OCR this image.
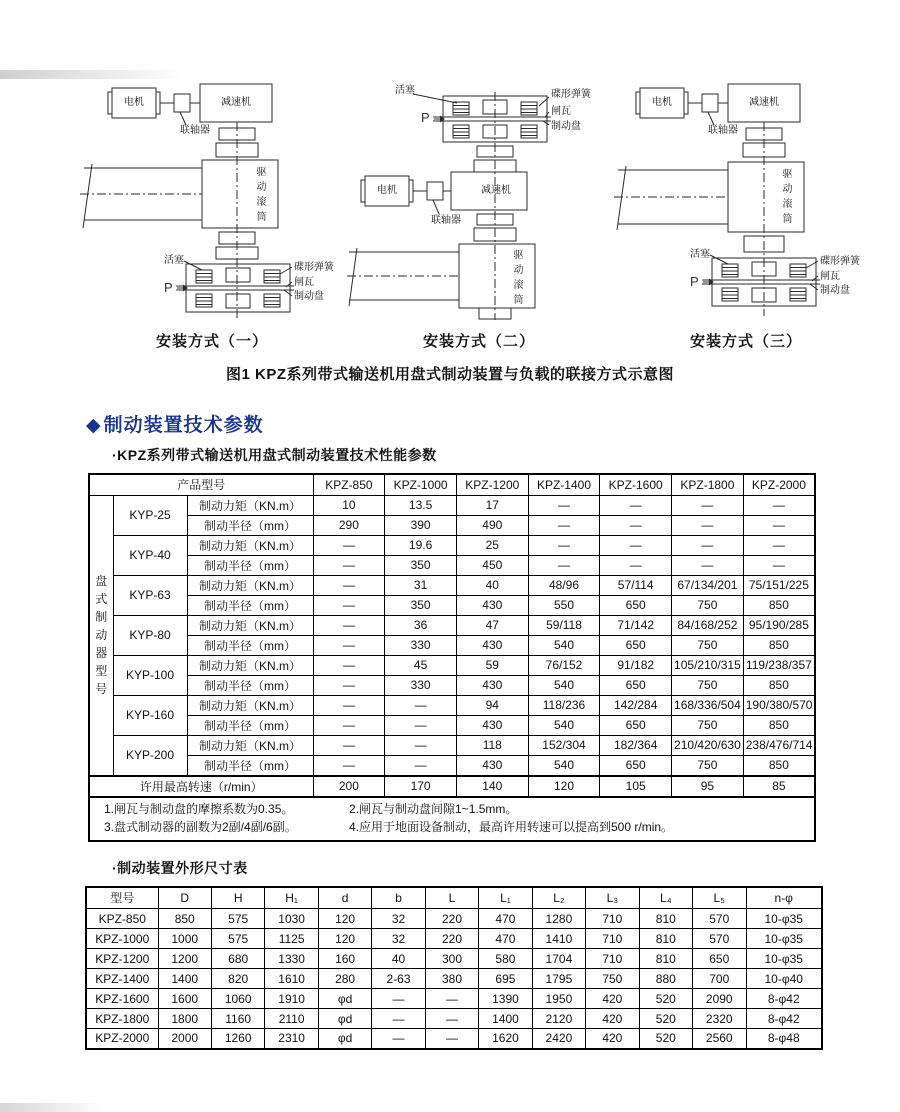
电机	减速机
联轴器
驱动滚筒
活塞
P
碟形弹簧
闸瓦
制动盘
安装方式（一）
活塞
P
碟形弹簧
闸瓦
制动盘
电机
联轴器
减速机
驱动滚筒
安装方式（二）
电机	减速机
联轴器
驱动滚筒
活塞
P
碟形弹簧
闸瓦
制动盘
安装方式（三）
图1 KPZ系列带式输送机用盘式制动装置与负载的联接方式示意图
◆ 制动装置技术参数
·KPZ系列带式输送机用盘式制动装置技术性能参数
产品型号			KPZ-850	KPZ-1000	KPZ-1200	KPZ-1400	KPZ-1600	KPZ-1800	KPZ-2000
盘式制动器型号	KYP-25	制动力矩（KN.m）	10	13.5	17	—	—	—	—
		制动半径（mm）	290	390	490	—	—	—	—
	KYP-40	制动力矩（KN.m）	—	19.6	25	—	—	—	—
		制动半径（mm）	—	350	450	—	—	—	—
	KYP-63	制动力矩（KN.m）	—	31	40	48/96	57/114	67/134/201	75/151/225
		制动半径（mm）	—	350	430	550	650	750	850
	KYP-80	制动力矩（KN.m）	—	36	47	59/118	71/142	84/168/252	95/190/285
		制动半径（mm）	—	330	430	540	650	750	850
	KYP-100	制动力矩（KN.m）	—	45	59	76/152	91/182	105/210/315	119/238/357
		制动半径（mm）	—	330	430	540	650	750	850
	KYP-160	制动力矩（KN.m）	—	—	94	118/236	142/284	168/336/504	190/380/570
		制动半径（mm）	—	—	430	540	650	750	850
	KYP-200	制动力矩（KN.m）	—	—	118	152/304	182/364	210/420/630	238/476/714
		制动半径（mm）	—	—	430	540	650	750	850
许用最高转速（r/min）			200	170	140	120	105	95	85

1.闸瓦与制动盘的摩擦系数为0.35。 2.闸瓦与制动盘间隙1~1.5mm。
3.盘式制动器的副数为2副/4副/6副。 4.应用于地面设备制动，最高许用转速可以提高到500 r/min。									
·制动装置外形尺寸表
型号	D	H	H₁	d	b	L	L₁	L₂	L₃	L₄	L₅	n-φ
KPZ-850	850	575	1030	120	32	220	470	1280	710	810	570	10-φ35
KPZ-1000	1000	575	1125	120	32	220	470	1410	710	810	570	10-φ35
KPZ-1200	1200	680	1330	160	40	300	580	1704	710	810	650	10-φ35
KPZ-1400	1400	820	1610	280	2-63	380	695	1795	750	880	700	10-φ40
KPZ-1600	1600	1060	1910	φd	—	—	1390	1950	420	520	2090	8-φ42
KPZ-1800	1800	1160	2110	φd	—	—	1400	2120	420	520	2320	8-φ42
KPZ-2000	2000	1260	2310	φd	—	—	1620	2420	420	520	2560	8-φ48
